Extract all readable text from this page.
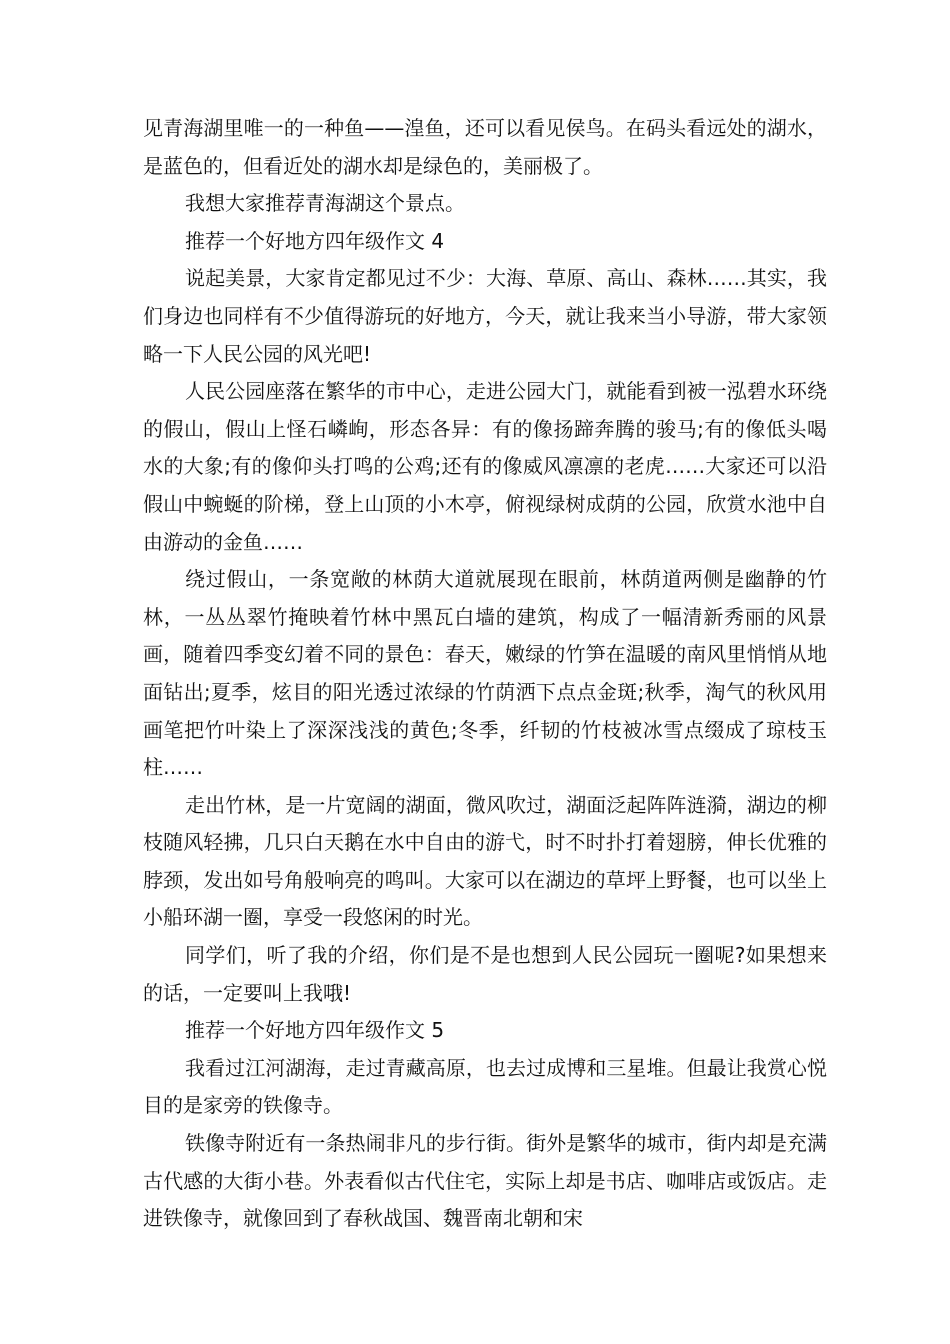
见青海湖里唯一的一种鱼——湟鱼，还可以看见侯鸟。在码头看远处的湖水，是蓝色的，但看近处的湖水却是绿色的，美丽极了。

我想大家推荐青海湖这个景点。

推荐一个好地方四年级作文 4

说起美景，大家肯定都见过不少：大海、草原、高山、森林……其实，我们身边也同样有不少值得游玩的好地方，今天，就让我来当小导游，带大家领略一下人民公园的风光吧!

人民公园座落在繁华的市中心，走进公园大门，就能看到被一泓碧水环绕的假山，假山上怪石嶙峋，形态各异：有的像扬蹄奔腾的骏马;有的像低头喝水的大象;有的像仰头打鸣的公鸡;还有的像威风凛凛的老虎……大家还可以沿假山中蜿蜒的阶梯，登上山顶的小木亭，俯视绿树成荫的公园，欣赏水池中自由游动的金鱼……

绕过假山，一条宽敞的林荫大道就展现在眼前，林荫道两侧是幽静的竹林，一丛丛翠竹掩映着竹林中黑瓦白墙的建筑，构成了一幅清新秀丽的风景画，随着四季变幻着不同的景色：春天，嫩绿的竹笋在温暖的南风里悄悄从地面钻出;夏季，炫目的阳光透过浓绿的竹荫洒下点点金斑;秋季，淘气的秋风用画笔把竹叶染上了深深浅浅的黄色;冬季，纤韧的竹枝被冰雪点缀成了琼枝玉柱……

走出竹林，是一片宽阔的湖面，微风吹过，湖面泛起阵阵涟漪，湖边的柳枝随风轻拂，几只白天鹅在水中自由的游弋，时不时扑打着翅膀，伸长优雅的脖颈，发出如号角般响亮的鸣叫。大家可以在湖边的草坪上野餐，也可以坐上小船环湖一圈，享受一段悠闲的时光。

同学们，听了我的介绍，你们是不是也想到人民公园玩一圈呢?如果想来的话，一定要叫上我哦!

推荐一个好地方四年级作文 5

我看过江河湖海，走过青藏高原，也去过成博和三星堆。但最让我赏心悦目的是家旁的铁像寺。

铁像寺附近有一条热闹非凡的步行街。街外是繁华的城市，街内却是充满古代感的大街小巷。外表看似古代住宅，实际上却是书店、咖啡店或饭店。走进铁像寺，就像回到了春秋战国、魏晋南北朝和宋
